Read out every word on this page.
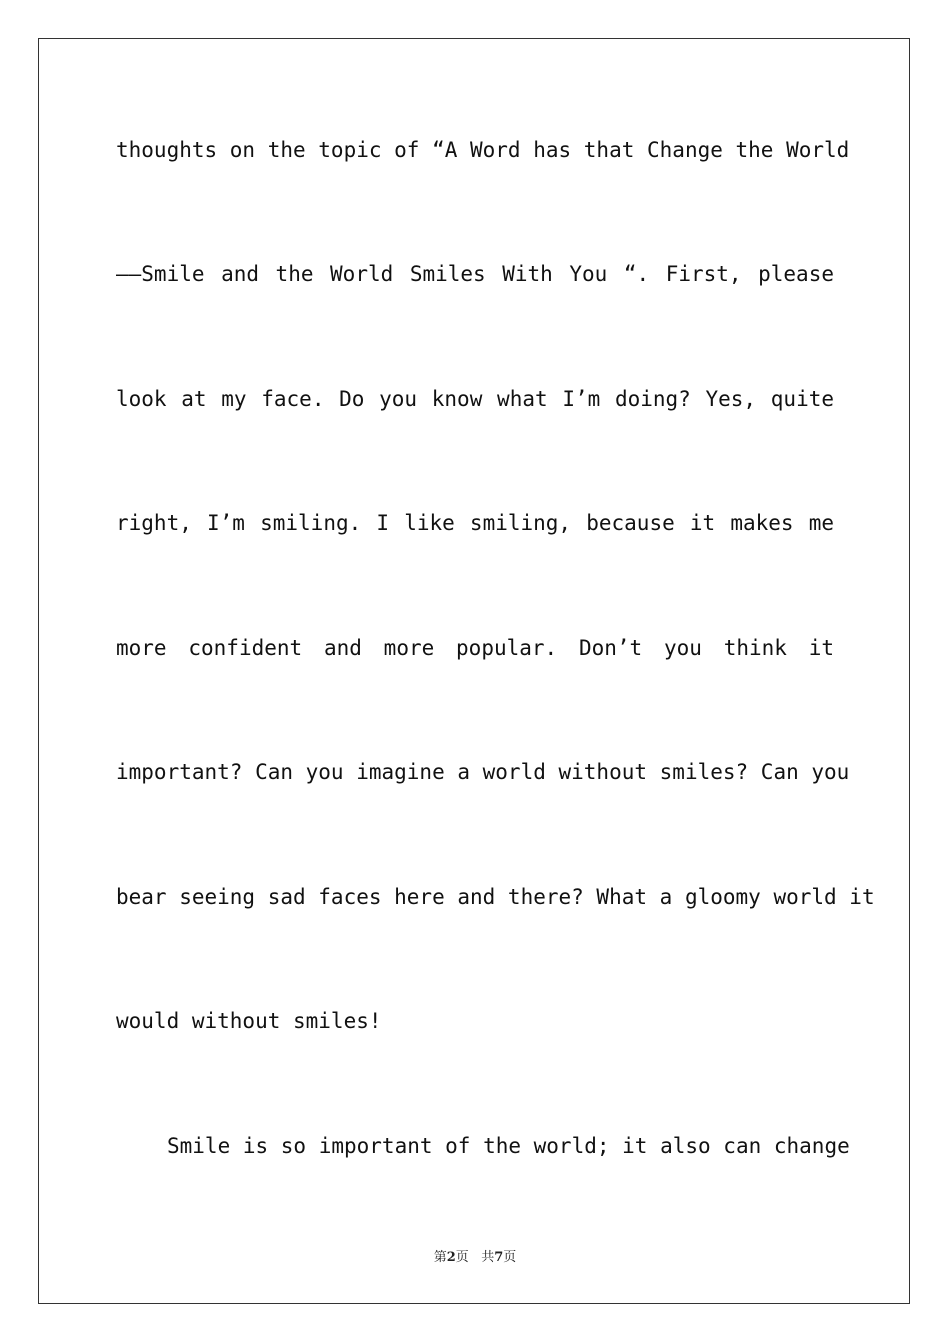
thoughts on the topic of “A Word has that Change the World
——Smile and the World Smiles With You “. First, please
look at my face. Do you know what I’m doing? Yes, quite
right, I’m smiling. I like smiling, because it makes me
more confident and more popular. Don’t you think it
important? Can you imagine a world without smiles? Can you
bear seeing sad faces here and there? What a gloomy world it
would without smiles!
Smile is so important of the world; it also can change
第2页 共7页
